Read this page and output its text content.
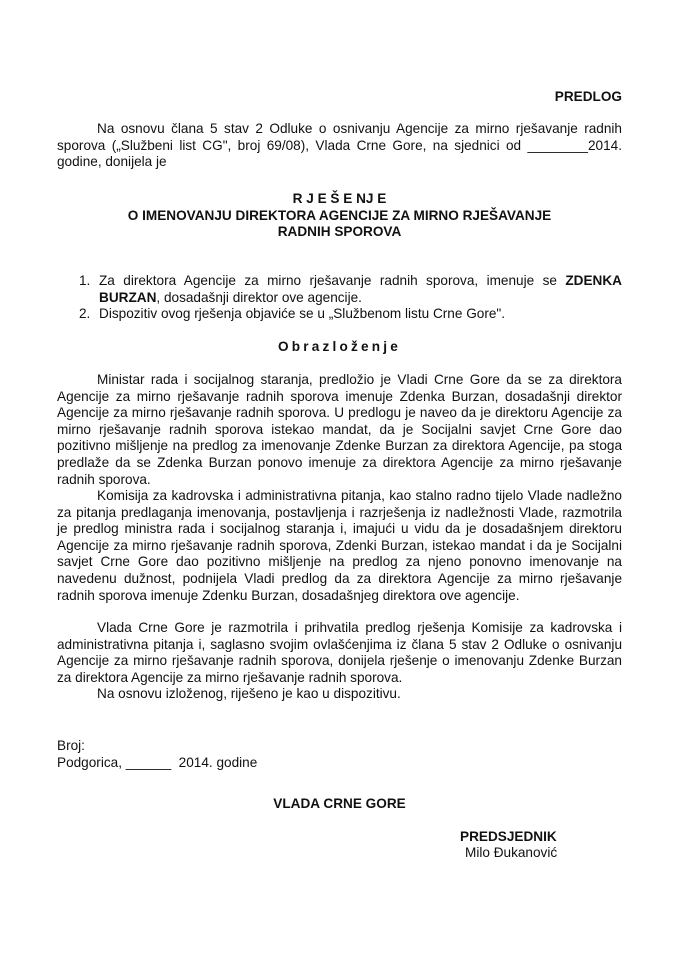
PREDLOG

Na osnovu člana 5 stav 2 Odluke o osnivanju Agencije za mirno rješavanje radnih sporova („Službeni list CG", broj 69/08), Vlada Crne Gore, na sjednici od ________2014. godine, donijela je

R J E Š E NJ E
O IMENOVANJU DIREKTORA AGENCIJE ZA MIRNO RJEŠAVANJE
RADNIH SPOROVA
1. Za direktora Agencije za mirno rješavanje radnih sporova, imenuje se ZDENKA BURZAN, dosadašnji direktor ove agencije.
2. Dispozitiv ovog rješenja objaviće se u „Službenom listu Crne Gore".

Obrazloženje

Ministar rada i socijalnog staranja, predložio je Vladi Crne Gore da se za direktora Agencije za mirno rješavanje radnih sporova imenuje Zdenka Burzan, dosadašnji direktor Agencije za mirno rješavanje radnih sporova. U predlogu je naveo da je direktoru Agencije za mirno rješavanje radnih sporova istekao mandat, da je Socijalni savjet Crne Gore dao pozitivno mišljenje na predlog za imenovanje Zdenke Burzan za direktora Agencije, pa stoga predlaže da se Zdenka Burzan ponovo imenuje za direktora Agencije za mirno rješavanje radnih sporova.

Komisija za kadrovska i administrativna pitanja, kao stalno radno tijelo Vlade nadležno za pitanja predlaganja imenovanja, postavljenja i razrješenja iz nadležnosti Vlade, razmotrila je predlog ministra rada i socijalnog staranja i, imajući u vidu da je dosadašnjem direktoru Agencije za mirno rješavanje radnih sporova, Zdenki Burzan, istekao mandat i da je Socijalni savjet Crne Gore dao pozitivno mišljenje na predlog za njeno ponovno imenovanje na navedenu dužnost, podnijela Vladi predlog da za direktora Agencije za mirno rješavanje radnih sporova imenuje Zdenku Burzan, dosadašnjeg direktora ove agencije.

Vlada Crne Gore je razmotrila i prihvatila predlog rješenja Komisije za kadrovska i administrativna pitanja i, saglasno svojim ovlašćenjima iz člana 5 stav 2 Odluke o osnivanju Agencije za mirno rješavanje radnih sporova, donijela rješenje o imenovanju Zdenke Burzan za direktora Agencije za mirno rješavanje radnih sporova.

Na osnovu izloženog, riješeno je kao u dispozitivu.

Broj:

Podgorica, ______  2014. godine

VLADA CRNE GORE

PREDSJEDNIK

Milo Đukanović
